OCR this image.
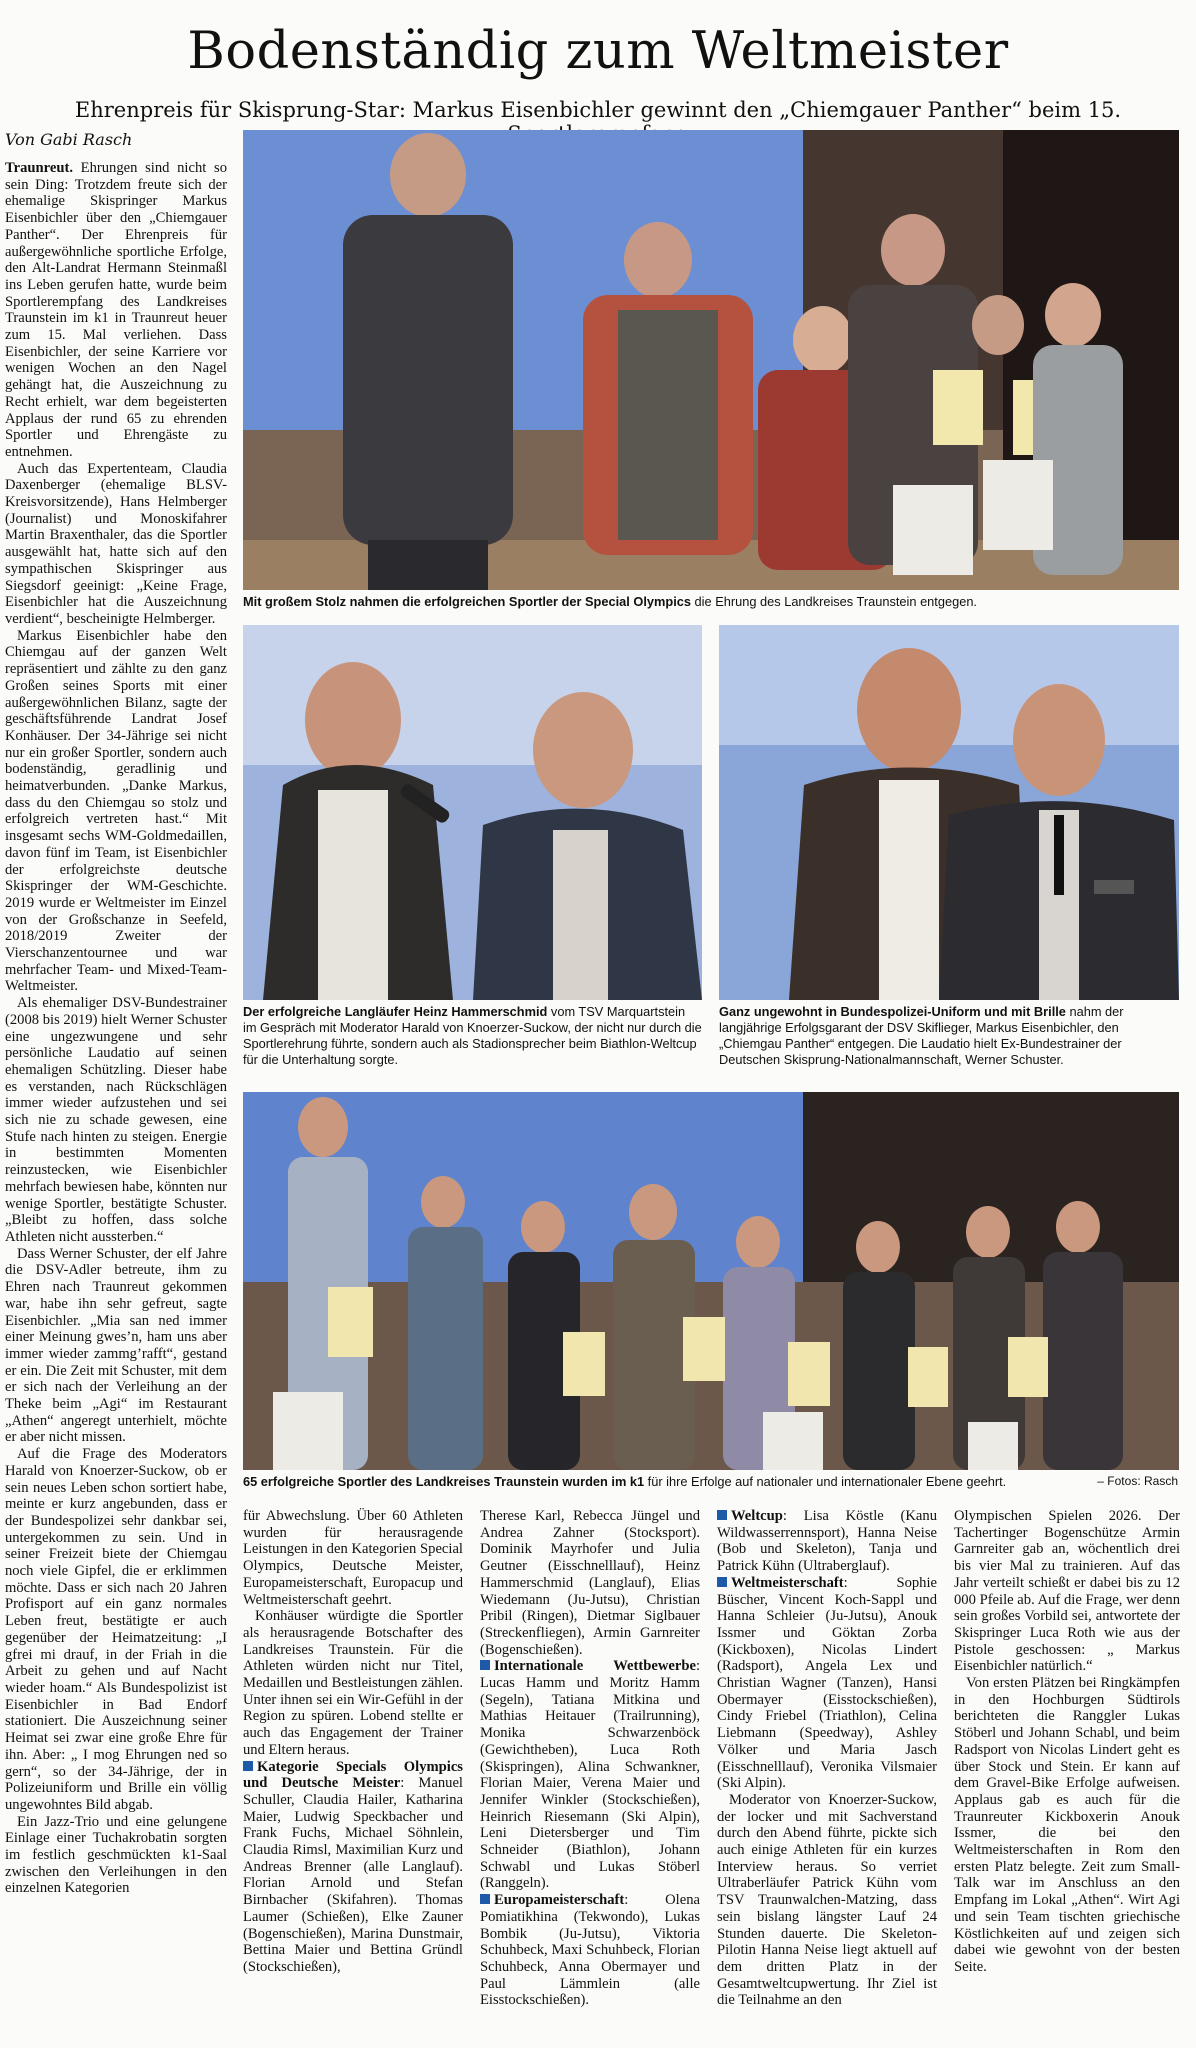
Bodenständig zum Weltmeister
Ehrenpreis für Skisprung-Star: Markus Eisenbichler gewinnt den „Chiemgauer Panther“ beim 15.
Von Gabi Rasch

Traunreut. Ehrungen sind nicht so sein Ding: Trotzdem freute sich der ehemalige Skispringer Markus Eisenbichler über den „Chiemgauer Panther“. Der Ehrenpreis für außergewöhnliche sportliche Erfolge, den Alt-Landrat Hermann Steinmaßl ins Leben gerufen hatte, wurde beim Sportlerempfang des Landkreises Traunstein im k1 in Traunreut heuer zum 15. Mal verliehen. Dass Eisenbichler, der seine Karriere vor wenigen Wochen an den Nagel gehängt hat, die Auszeichnung zu Recht erhielt, war dem begeisterten Applaus der rund 65 zu ehrenden Sportler und Ehrengäste zu entnehmen.

Auch das Expertenteam, Claudia Daxenberger (ehemalige BLSV-Kreisvorsitzende), Hans Helmberger (Journalist) und Monoskifahrer Martin Braxenthaler, das die Sportler ausgewählt hat, hatte sich auf den sympathischen Skispringer aus Siegsdorf geeinigt: „Keine Frage, Eisenbichler hat die Auszeichnung verdient“, bescheinigte Helmberger.

Markus Eisenbichler habe den Chiemgau auf der ganzen Welt repräsentiert und zählte zu den ganz Großen seines Sports mit einer außergewöhnlichen Bilanz, sagte der geschäftsführende Landrat Josef Konhäuser. Der 34-Jährige sei nicht nur ein großer Sportler, sondern auch bodenständig, geradlinig und heimatverbunden. „Danke Markus, dass du den Chiemgau so stolz und erfolgreich vertreten hast.“ Mit insgesamt sechs WM-Goldmedaillen, davon fünf im Team, ist Eisenbichler der erfolgreichste deutsche Skispringer der WM-Geschichte. 2019 wurde er Weltmeister im Einzel von der Großschanze in Seefeld, 2018/2019 Zweiter der Vierschanzentournee und war mehrfacher Team- und Mixed-Team-Weltmeister.

Als ehemaliger DSV-Bundestrainer (2008 bis 2019) hielt Werner Schuster eine ungezwungene und sehr persönliche Laudatio auf seinen ehemaligen Schützling. Dieser habe es verstanden, nach Rückschlägen immer wieder aufzustehen und sei sich nie zu schade gewesen, eine Stufe nach hinten zu steigen. Energie in bestimmten Momenten reinzustecken, wie Eisenbichler mehrfach bewiesen habe, könnten nur wenige Sportler, bestätigte Schuster. „Bleibt zu hoffen, dass solche Athleten nicht aussterben.“

Dass Werner Schuster, der elf Jahre die DSV-Adler betreute, ihm zu Ehren nach Traunreut gekommen war, habe ihn sehr gefreut, sagte Eisenbichler. „Mia san ned immer einer Meinung gwes’n, ham uns aber immer wieder zammg’rafft“, gestand er ein. Die Zeit mit Schuster, mit dem er sich nach der Verleihung an der Theke beim „Agi“ im Restaurant „Athen“ angeregt unterhielt, möchte er aber nicht missen.

Auf die Frage des Moderators Harald von Knoerzer-Suckow, ob er sein neues Leben schon sortiert habe, meinte er kurz angebunden, dass er der Bundespolizei sehr dankbar sei, untergekommen zu sein. Und in seiner Freizeit biete der Chiemgau noch viele Gipfel, die er erklimmen möchte. Dass er sich nach 20 Jahren Profisport auf ein ganz normales Leben freut, bestätigte er auch gegenüber der Heimatzeitung: „I gfrei mi drauf, in der Friah in die Arbeit zu gehen und auf Nacht wieder hoam.“ Als Bundespolizist ist Eisenbichler in Bad Endorf stationiert. Die Auszeichnung seiner Heimat sei zwar eine große Ehre für ihn. Aber: „ I mog Ehrungen ned so gern“, so der 34-Jährige, der in Polizeiuniform und Brille ein völlig ungewohntes Bild abgab.

Ein Jazz-Trio und eine gelungene Einlage einer Tuchakrobatin sorgten im festlich geschmückten k1-Saal zwischen den Verleihungen in den einzelnen Kategorien

Mit großem Stolz nahmen die erfolgreichen Sportler der Special Olympics die Ehrung des Landkreises Traunstein entgegen.
Der erfolgreiche Langläufer Heinz Hammerschmid vom TSV Marquartstein im Gespräch mit Moderator Harald von Knoerzer-Suckow, der nicht nur durch die Sportlerehrung führte, sondern auch als Stadionsprecher beim Biathlon-Weltcup für die Unterhaltung sorgte.
Ganz ungewohnt in Bundespolizei-Uniform und mit Brille nahm der langjährige Erfolgsgarant der DSV Skiflieger, Markus Eisenbichler, den „Chiemgau Panther“ entgegen. Die Laudatio hielt Ex-Bundestrainer der Deutschen Skisprung-Nationalmannschaft, Werner Schuster.
65 erfolgreiche Sportler des Landkreises Traunstein wurden im k1 für ihre Erfolge auf nationaler und internationaler Ebene geehrt.	– Fotos: Rasch

für Abwechslung. Über 60 Athleten wurden für herausragende Leistungen in den Kategorien Special Olympics, Deutsche Meister, Europameisterschaft, Europacup und Weltmeisterschaft geehrt.

Konhäuser würdigte die Sportler als herausragende Botschafter des Landkreises Traunstein. Für die Athleten würden nicht nur Titel, Medaillen und Bestleistungen zählen. Unter ihnen sei ein Wir-Gefühl in der Region zu spüren. Lobend stellte er auch das Engagement der Trainer und Eltern heraus.

Kategorie Specials Olympics und Deutsche Meister: Manuel Schuller, Claudia Hailer, Katharina Maier, Ludwig Speckbacher und Frank Fuchs, Michael Söhnlein, Claudia Rimsl, Maximilian Kurz und Andreas Brenner (alle Langlauf). Florian Arnold und Stefan Birnbacher (Skifahren). Thomas Laumer (Schießen), Elke Zauner (Bogenschießen), Marina Dunstmair, Bettina Maier und Bettina Gründl (Stockschießen),

Therese Karl, Rebecca Jüngel und Andrea Zahner (Stocksport). Dominik Mayrhofer und Julia Geutner (Eisschnelllauf), Heinz Hammerschmid (Langlauf), Elias Wiedemann (Ju-Jutsu), Christian Pribil (Ringen), Dietmar Siglbauer (Streckenfliegen), Armin Garnreiter (Bogenschießen).

Internationale Wettbewerbe: Lucas Hamm und Moritz Hamm (Segeln), Tatiana Mitkina und Mathias Heitauer (Trailrunning), Monika Schwarzenböck (Gewichtheben), Luca Roth (Skispringen), Alina Schwankner, Florian Maier, Verena Maier und Jennifer Winkler (Stockschießen), Heinrich Riesemann (Ski Alpin), Leni Dietersberger und Tim Schneider (Biathlon), Johann Schwabl und Lukas Stöberl (Ranggeln).

Europameisterschaft: Olena Pomiatikhina (Tekwondo), Lukas Bombik (Ju-Jutsu), Viktoria Schuhbeck, Maxi Schuhbeck, Florian Schuhbeck, Anna Obermayer und Paul Lämmlein (alle Eisstockschießen).

Weltcup: Lisa Köstle (Kanu Wildwasserrennsport), Hanna Neise (Bob und Skeleton), Tanja und Patrick Kühn (Ultraberglauf).

Weltmeisterschaft: Sophie Büscher, Vincent Koch-Sappl und Hanna Schleier (Ju-Jutsu), Anouk Issmer und Göktan Zorba (Kickboxen), Nicolas Lindert (Radsport), Angela Lex und Christian Wagner (Tanzen), Hansi Obermayer (Eisstockschießen), Cindy Friebel (Triathlon), Celina Liebmann (Speedway), Ashley Völker und Maria Jasch (Eisschnelllauf), Veronika Vilsmaier (Ski Alpin).

Moderator von Knoerzer-Suckow, der locker und mit Sachverstand durch den Abend führte, pickte sich auch einige Athleten für ein kurzes Interview heraus. So verriet Ultraberläufer Patrick Kühn vom TSV Traunwalchen-Matzing, dass sein bislang längster Lauf 24 Stunden dauerte. Die Skeleton-Pilotin Hanna Neise liegt aktuell auf dem dritten Platz in der Gesamtweltcupwertung. Ihr Ziel ist die Teilnahme an den

Olympischen Spielen 2026. Der Tachertinger Bogenschütze Armin Garnreiter gab an, wöchentlich drei bis vier Mal zu trainieren. Auf das Jahr verteilt schießt er dabei bis zu 12 000 Pfeile ab. Auf die Frage, wer denn sein großes Vorbild sei, antwortete der Skispringer Luca Roth wie aus der Pistole geschossen: „ Markus Eisenbichler natürlich.“

Von ersten Plätzen bei Ringkämpfen in den Hochburgen Südtirols berichteten die Ranggler Lukas Stöberl und Johann Schabl, und beim Radsport von Nicolas Lindert geht es über Stock und Stein. Er kann auf dem Gravel-Bike Erfolge aufweisen. Applaus gab es auch für die Traunreuter Kickboxerin Anouk Issmer, die bei den Weltmeisterschaften in Rom den ersten Platz belegte. Zeit zum Small-Talk war im Anschluss an den Empfang im Lokal „Athen“. Wirt Agi und sein Team tischten griechische Köstlichkeiten auf und zeigen sich dabei wie gewohnt von der besten Seite.
